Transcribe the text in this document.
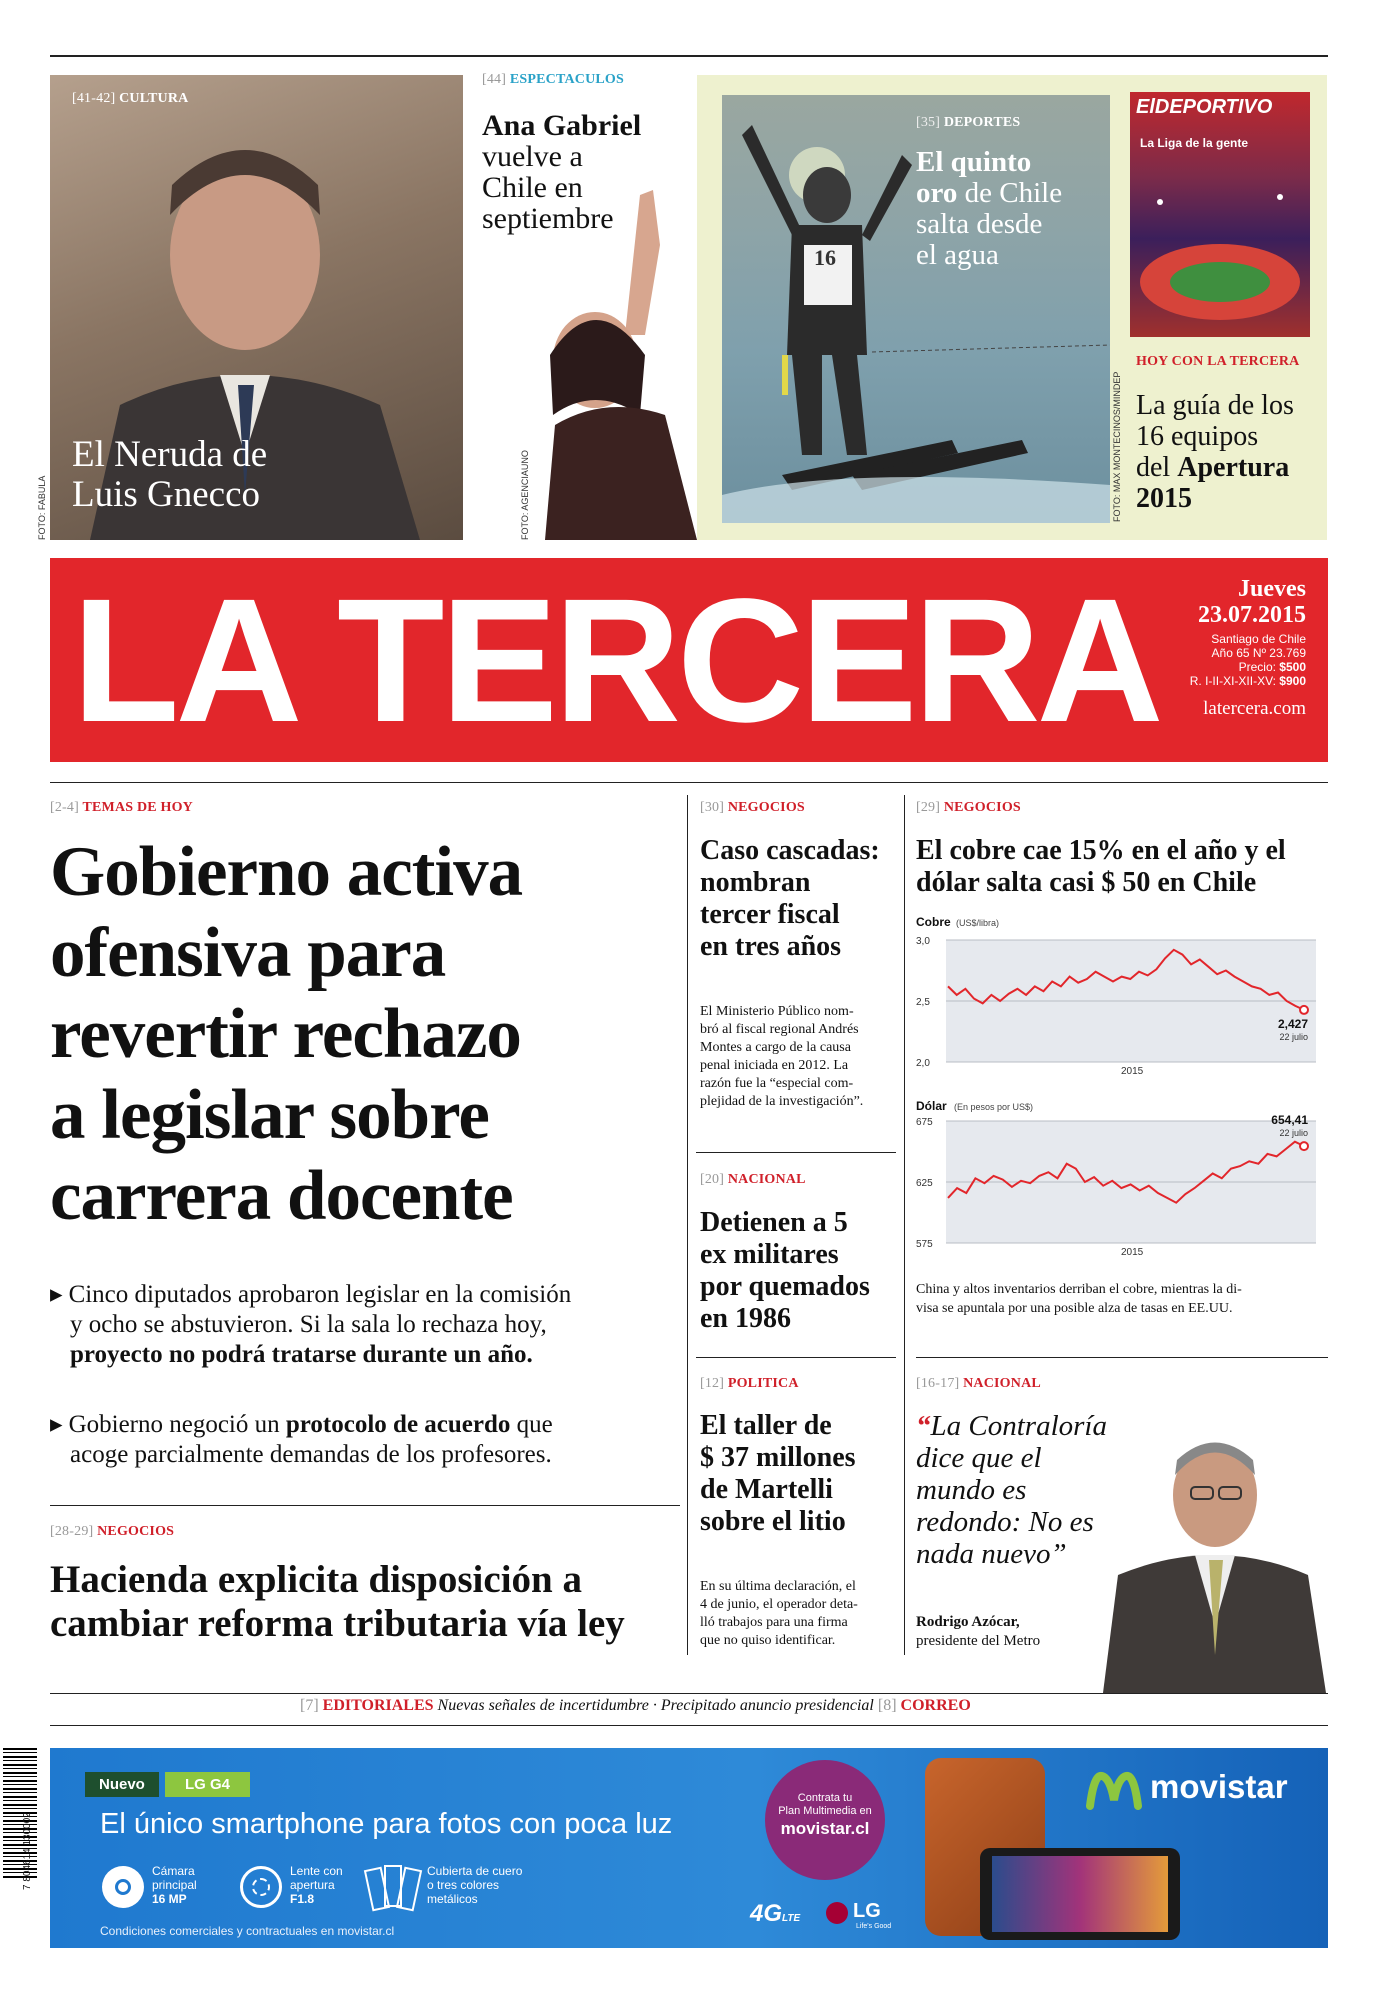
[41-42] CULTURA
El Neruda de
Luis Gnecco
FOTO: FABULA
[44] ESPECTACULOS
Ana Gabriel
vuelve a
Chile en
septiembre
FOTO: AGENCIAUNO
16
[35] DEPORTES
El quinto
oro de Chile
salta desde
el agua
FOTO: MAX MONTECINOS/MINDEP
ElDEPORTIVO
La Liga de la gente
HOY CON LA TERCERA
La guía de los
16 equipos
del Apertura
2015
LA TERCERA	Jueves
23.07.2015
Santiago de Chile
Año 65 Nº 23.769
Precio: $500
R. I-II-XI-XII-XV: $900
latercera.com
[2-4] TEMAS DE HOY
Gobierno activa
ofensiva para
revertir rechazo
a legislar sobre
carrera docente
▸ Cinco diputados aprobaron legislar en la comisión
y ocho se abstuvieron. Si la sala lo rechaza hoy,
proyecto no podrá tratarse durante un año.
▸ Gobierno negoció un protocolo de acuerdo que
acoge parcialmente demandas de los profesores.
[28-29] NEGOCIOS
Hacienda explicita disposición a
cambiar reforma tributaria vía ley
[30] NEGOCIOS
Caso cascadas:
nombran
tercer fiscal
en tres años
El Ministerio Público nom-
bró al fiscal regional Andrés
Montes a cargo de la causa
penal iniciada en 2012. La
razón fue la “especial com-
plejidad de la investigación”.
[20] NACIONAL
Detienen a 5
ex militares
por quemados
en 1986
[12] POLITICA
El taller de
$ 37 millones
de Martelli
sobre el litio
En su última declaración, el
4 de junio, el operador deta-
lló trabajos para una firma
que no quiso identificar.
[29] NEGOCIOS
El cobre cae 15% en el año y el
dólar salta casi $ 50 en Chile
Cobre (US$/libra)
3,0
2,5
2,0
2015
2,427
22 julio
Dólar (En pesos por US$)
675
625
575
2015
654,41
22 julio
China y altos inventarios derriban el cobre, mientras la di-
visa se apuntala por una posible alza de tasas en EE.UU.
[16-17] NACIONAL
“La Contraloría
dice que el
mundo es
redondo: No es
nada nuevo”
Rodrigo Azócar,
presidente del Metro
[7] EDITORIALES Nuevas señales de incertidumbre · Precipitado anuncio presidencial [8] CORREO
7 804614 130002
Nuevo	LG G4
El único smartphone para fotos con poca luz
Cámara
principal
16 MP
Lente con
apertura
F1.8
Cubierta de cuero
o tres colores
metálicos
Condiciones comerciales y contractuales en movistar.cl
Contrata tu
Plan Multimedia en
movistar.cl
4GLTE	LG
Life's Good
movistar
